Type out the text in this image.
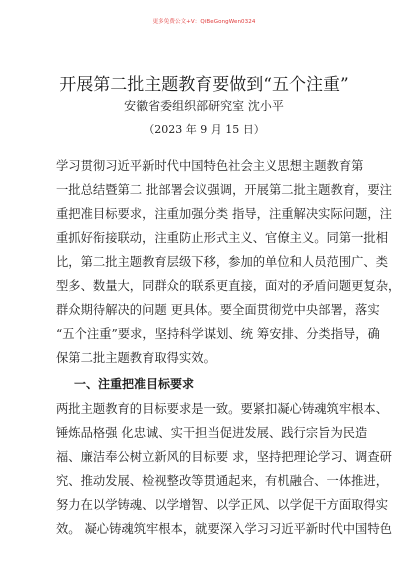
更多免费公文+V：QiBeGongWen0324
开展第二批主题教育要做到“五个注重”
安徽省委组织部研究室 沈小平
（2023 年 9 月 15 日）
学习贯彻习近平新时代中国特色社会主义思想主题教育第
一批总结暨第二 批部署会议强调，开展第二批主题教育，要注
重把准目标要求，注重加强分类 指导，注重解决实际问题，注
重抓好衔接联动，注重防止形式主义、官僚主义。同第一批相
比，第二批主题教育层级下移，参加的单位和人员范围广、类
型多、数量大，同群众的联系更直接，面对的矛盾问题更复杂，
群众期待解决的问题 更具体。要全面贯彻党中央部署，落实
“五个注重”要求，坚持科学谋划、统 筹安排、分类指导，确
保第二批主题教育取得实效。
一、注重把准目标要求
两批主题教育的目标要求是一致。要紧扣凝心铸魂筑牢根本、
锤炼品格强 化忠诚、实干担当促进发展、践行宗旨为民造
福、廉洁奉公树立新风的目标要 求，坚持把理论学习、调查研
究、推动发展、检视整改等贯通起来，有机融合、一体推进，
努力在以学铸魂、以学增智、以学正风、以学促干方面取得实
效。 凝心铸魂筑牢根本，就要深入学习习近平新时代中国特色
